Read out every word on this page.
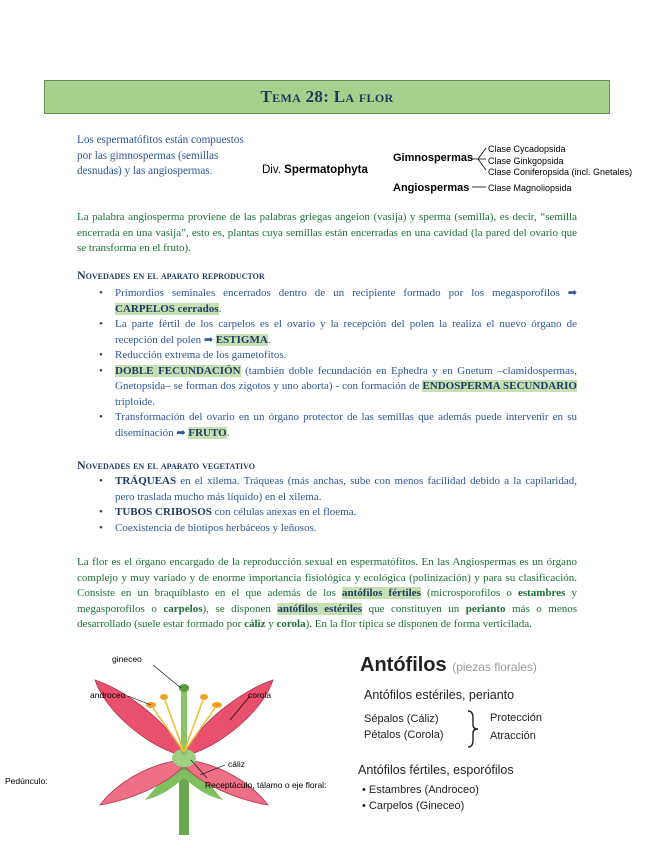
Tema 28: La flor
Los espermatófitos están compuestos por las gimnospermas (semillas desnudas) y las angiospermas.	Div. Spermatophyta
Gimnospermas
Angiospermas
Clase Cycadopsida
Clase Ginkgopsida
Clase Coniferopsida (incl. Gnetales)
Clase Magnoliopsida
La palabra angiosperma proviene de las palabras griegas angeion (vasija) y sperma (semilla), es decir, “semilla encerrada en una vasija”, esto es, plantas cuya semillas están encerradas en una cavidad (la pared del ovario que se transforma en el fruto).
Novedades en el aparato reproductor
• Primordios seminales encerrados dentro de un recipiente formado por los megasporofilos ➡ CARPELOS cerrados.
• La parte fértil de los carpelos es el ovario y la recepción del polen la realiza el nuevo órgano de recepción del polen ➡ ESTIGMA.
• Reducción extrema de los gametofitos.
• DOBLE FECUNDACIÓN (también doble fecundación en Ephedra y en Gnetum –clamidospermas, Gnetopsida– se forman dos zigotos y uno aborta) - con formación de ENDOSPERMA SECUNDARIO triploide.
• Transformación del ovario en un órgano protector de las semillas que además puede intervenir en su diseminación ➡ FRUTO.
Novedades en el aparato vegetativo
• TRÁQUEAS en el xilema. Tráqueas (más anchas, sube con menos facilidad debido a la capilaridad, pero traslada mucho más líquido) en el xilema.
• TUBOS CRIBOSOS con células anexas en el floema.
• Coexistencia de biotipos herbáceos y leñosos.
La flor es el órgano encargado de la reproducción sexual en espermatófitos. En las Angiospermas es un órgano complejo y muy variado y de enorme importancia fisiológica y ecológica (polinización) y para su clasificación. Consiste en un braquiblasto en el que además de los antófilos fértiles (microsporofilos o estambres y megasporofilos o carpelos), se disponen antófilos estériles que constituyen un perianto más o menos desarrollado (suele estar formado por cáliz y corola). En la flor típica se disponen de forma verticilada.
gineceo
androceo	corola
cáliz
Receptáculo, tálamo o eje floral:
Pedúnculo:
Antófilos (piezas florales)
Antófilos estériles, perianto
Sépalos (Cáliz)
Pétalos (Corola)
Protección
Atracción
Antófilos fértiles, esporófilos
• Estambres (Androceo)
• Carpelos (Gineceo)
